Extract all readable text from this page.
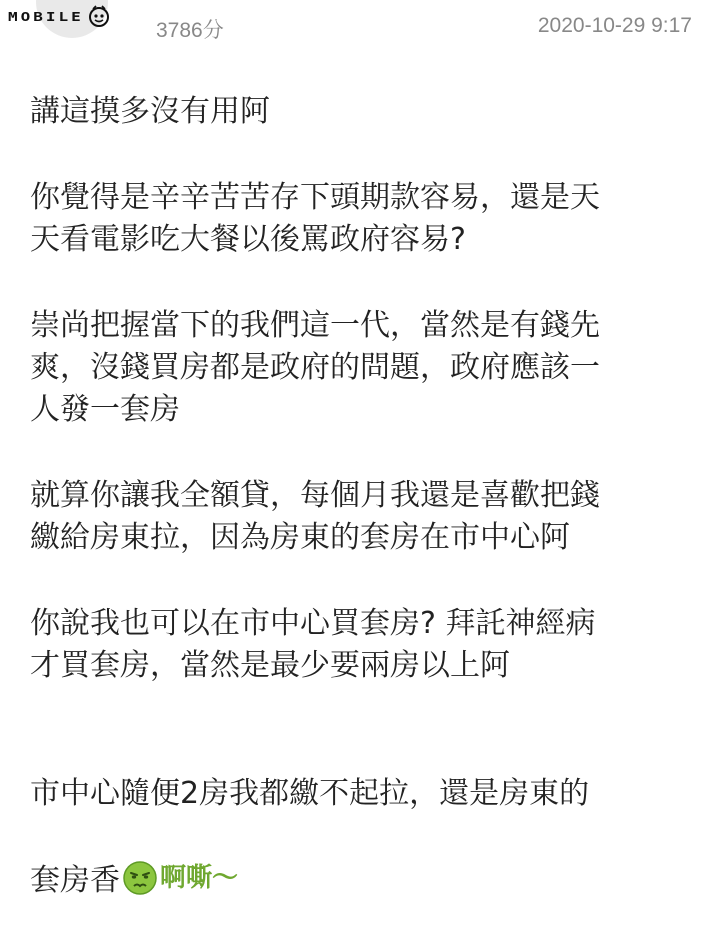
MOBILE
3786分	2020-10-29 9:17

講這摸多沒有用阿

你覺得是辛辛苦苦存下頭期款容易，還是天
天看電影吃大餐以後罵政府容易?

崇尚把握當下的我們這一代，當然是有錢先
爽，沒錢買房都是政府的問題，政府應該一
人發一套房

就算你讓我全額貸，每個月我還是喜歡把錢
繳給房東拉，因為房東的套房在市中心阿

你說我也可以在市中心買套房? 拜託神經病
才買套房，當然是最少要兩房以上阿

市中心隨便2房我都繳不起拉，還是房東的

套房香 啊嘶～
